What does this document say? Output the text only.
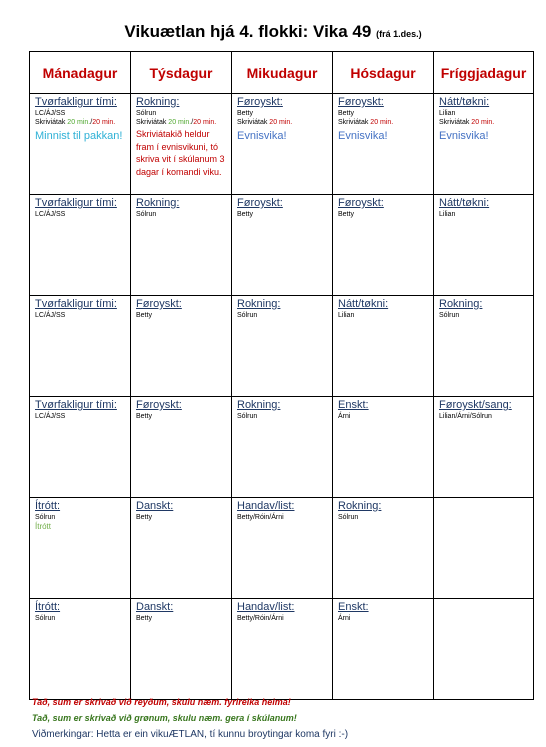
Vikuætlan hjá 4. flokki: Vika 49 (frá 1.des.)
Mánadagur	Týsdagur	Mikudagur	Hósdagur	Fríggjadagur

Tvørfakligur tími:
LC/ÁJ/SS
Skriviátak 20 min./20 min.
Minnist til pakkan!	Rokning:
Sólrun
Skriviátak 20 min./20 min.
Skriviátakið heldur fram í evnisvikuni, tó skriva vit í skúlanum 3 dagar í komandi viku.	Føroyskt:
Betty
Skriviátak 20 min.
Evnisvika!	Føroyskt:
Betty
Skriviátak 20 min.
Evnisvika!	Nátt/tøkni:
Lilian
Skriviátak 20 min.
Evnisvika!

Tvørfakligur tími:
LC/ÁJ/SS	Rokning:
Sólrun	Føroyskt:
Betty	Føroyskt:
Betty	Nátt/tøkni:
Lilian

Tvørfakligur tími:
LC/ÁJ/SS	Føroyskt:
Betty	Rokning:
Sólrun	Nátt/tøkni:
Lilian	Rokning:
Sólrun

Tvørfakligur tími:
LC/ÁJ/SS	Føroyskt:
Betty	Rokning:
Sólrun	Enskt:
Árni	Føroyskt/sang:
Lilian/Árni/Sólrun

Ítrótt:
Sólrun
Ítrótt	Danskt:
Betty	Handav/list:
Betty/Róin/Árni	Rokning:
Sólrun	

Ítrótt:
Sólrun	Danskt:
Betty	Handav/list:
Betty/Róin/Árni	Enskt:
Árni	

Tað, sum er skrivað við reyðum, skulu næm. fyrireika heima!
Tað, sum er skrivað við grønum, skulu næm. gera í skúlanum!
Viðmerkingar: Hetta er ein vikuÆTLAN, tí kunnu broytingar koma fyri :-)
